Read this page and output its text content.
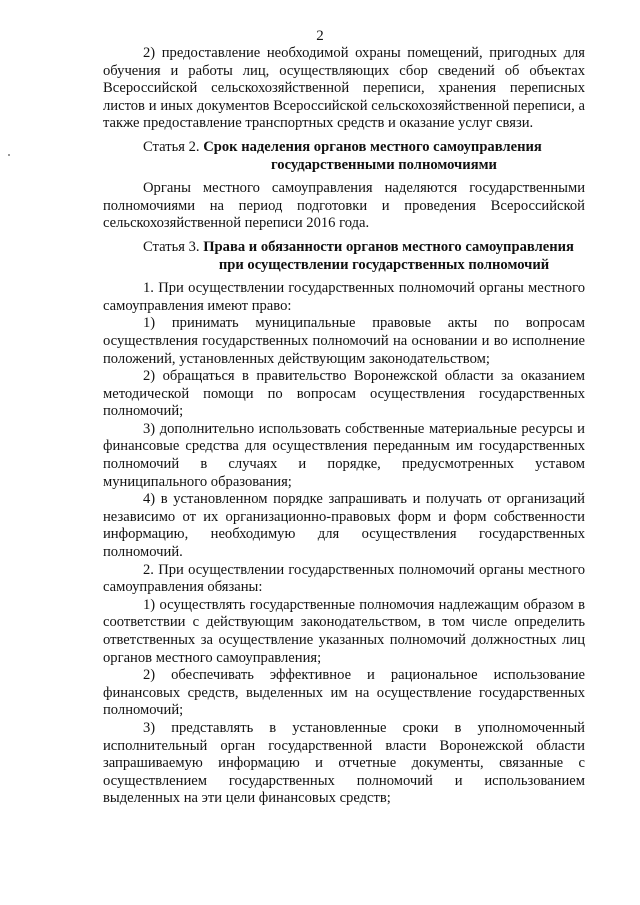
2

2) предоставление необходимой охраны помещений, пригодных для обучения и работы лиц, осуществляющих сбор сведений об объектах Всероссийской сельскохозяйственной переписи, хранения переписных листов и иных документов Всероссийской сельскохозяйственной переписи, а также предоставление транспортных средств и оказание услуг связи.

Статья 2. Срок наделения органов местного самоуправления
государственными полномочиями

Органы местного самоуправления наделяются государственными полномочиями на период подготовки и проведения Всероссийской сельскохозяйственной переписи 2016 года.

Статья 3. Права и обязанности органов местного самоуправления
при осуществлении государственных полномочий

1. При осуществлении государственных полномочий органы местного самоуправления имеют право:

1) принимать муниципальные правовые акты по вопросам осуществления государственных полномочий на основании и во исполнение положений, установленных действующим законодательством;

2) обращаться в правительство Воронежской области за оказанием методической помощи по вопросам осуществления государственных полномочий;

3) дополнительно использовать собственные материальные ресурсы и финансовые средства для осуществления переданным им государственных полномочий в случаях и порядке, предусмотренных уставом муниципального образования;

4) в установленном порядке запрашивать и получать от организаций независимо от их организационно-правовых форм и форм собственности информацию, необходимую для осуществления государственных полномочий.

2. При осуществлении государственных полномочий органы местного самоуправления обязаны:

1) осуществлять государственные полномочия надлежащим образом в соответствии с действующим законодательством, в том числе определить ответственных за осуществление указанных полномочий должностных лиц органов местного самоуправления;

2) обеспечивать эффективное и рациональное использование финансовых средств, выделенных им на осуществление государственных полномочий;

3) представлять в установленные сроки в уполномоченный исполнительный орган государственной власти Воронежской области запрашиваемую информацию и отчетные документы, связанные с осуществлением государственных полномочий и использованием выделенных на эти цели финансовых средств;
